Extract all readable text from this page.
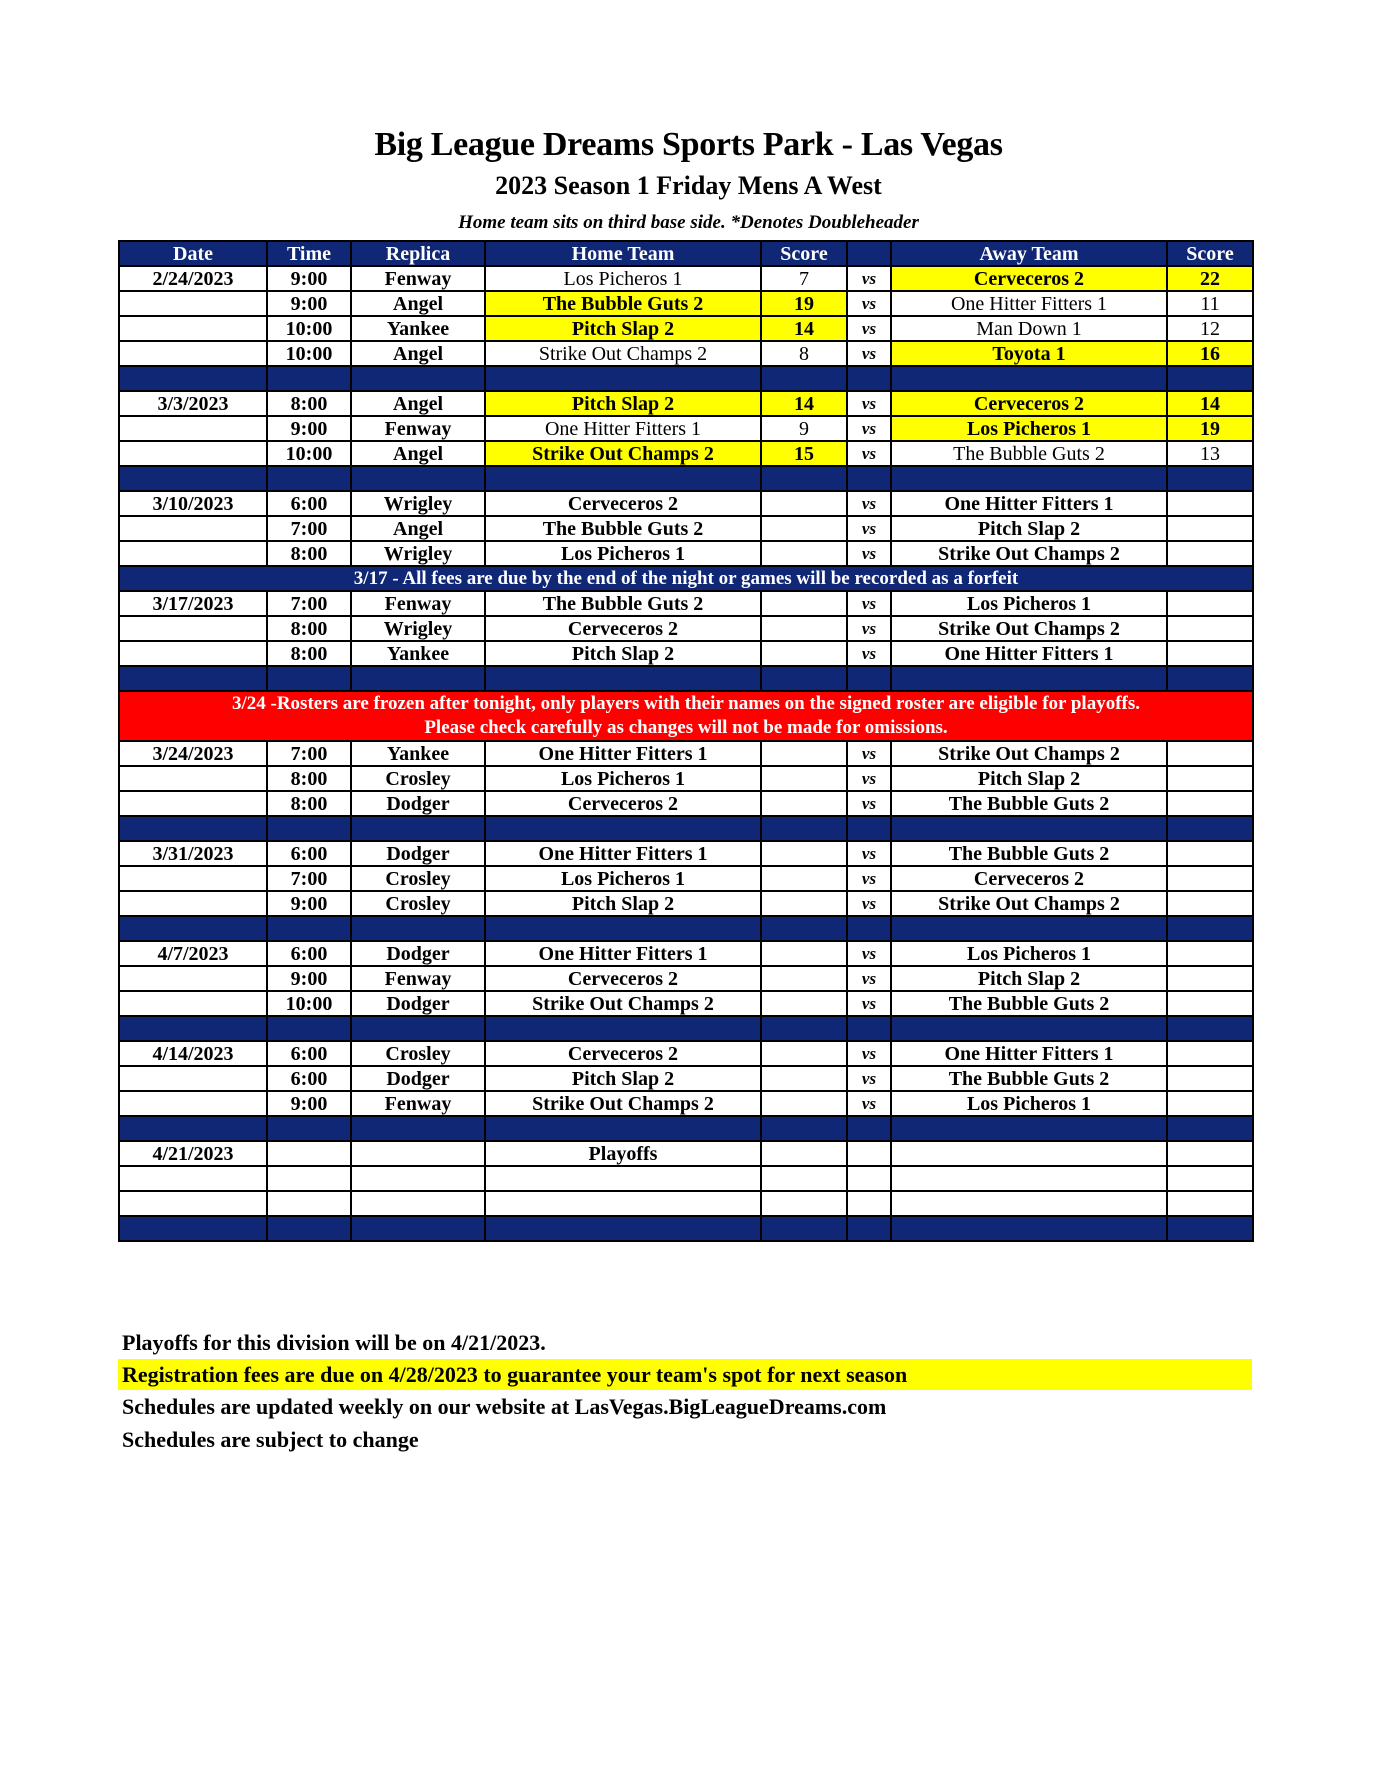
Big League Dreams Sports Park - Las Vegas
2023 Season 1 Friday Mens A West
Home team sits on third base side. *Denotes Doubleheader
Date	Time	Replica	Home Team	Score		Away Team	Score
2/24/2023	9:00	Fenway	Los Picheros 1	7	vs	Cerveceros 2	22
	9:00	Angel	The Bubble Guts 2	19	vs	One Hitter Fitters 1	11
	10:00	Yankee	Pitch Slap 2	14	vs	Man Down 1	12
	10:00	Angel	Strike Out Champs 2	8	vs	Toyota 1	16

3/3/2023	8:00	Angel	Pitch Slap 2	14	vs	Cerveceros 2	14
	9:00	Fenway	One Hitter Fitters 1	9	vs	Los Picheros 1	19
	10:00	Angel	Strike Out Champs 2	15	vs	The Bubble Guts 2	13

3/10/2023	6:00	Wrigley	Cerveceros 2		vs	One Hitter Fitters 1	
	7:00	Angel	The Bubble Guts 2		vs	Pitch Slap 2	
	8:00	Wrigley	Los Picheros 1		vs	Strike Out Champs 2	
3/17 - All fees are due by the end of the night or games will be recorded as a forfeit							
3/17/2023	7:00	Fenway	The Bubble Guts 2		vs	Los Picheros 1	
	8:00	Wrigley	Cerveceros 2		vs	Strike Out Champs 2	
	8:00	Yankee	Pitch Slap 2		vs	One Hitter Fitters 1	

3/24 -Rosters are frozen after tonight, only players with their names on the signed roster are eligible for playoffs.
Please check carefully as changes will not be made for omissions.							

3/24/2023	7:00	Yankee	One Hitter Fitters 1		vs	Strike Out Champs 2	
	8:00	Crosley	Los Picheros 1		vs	Pitch Slap 2	
	8:00	Dodger	Cerveceros 2		vs	The Bubble Guts 2	

3/31/2023	6:00	Dodger	One Hitter Fitters 1		vs	The Bubble Guts 2	
	7:00	Crosley	Los Picheros 1		vs	Cerveceros 2	
	9:00	Crosley	Pitch Slap 2		vs	Strike Out Champs 2	

4/7/2023	6:00	Dodger	One Hitter Fitters 1		vs	Los Picheros 1	
	9:00	Fenway	Cerveceros 2		vs	Pitch Slap 2	
	10:00	Dodger	Strike Out Champs 2		vs	The Bubble Guts 2	

4/14/2023	6:00	Crosley	Cerveceros 2		vs	One Hitter Fitters 1	
	6:00	Dodger	Pitch Slap 2		vs	The Bubble Guts 2	
	9:00	Fenway	Strike Out Champs 2		vs	Los Picheros 1	

4/21/2023			Playoffs				

Playoffs for this division will be on 4/21/2023.
Registration fees are due on 4/28/2023 to guarantee your team's spot for next season
Schedules are updated weekly on our website at LasVegas.BigLeagueDreams.com
Schedules are subject to change
